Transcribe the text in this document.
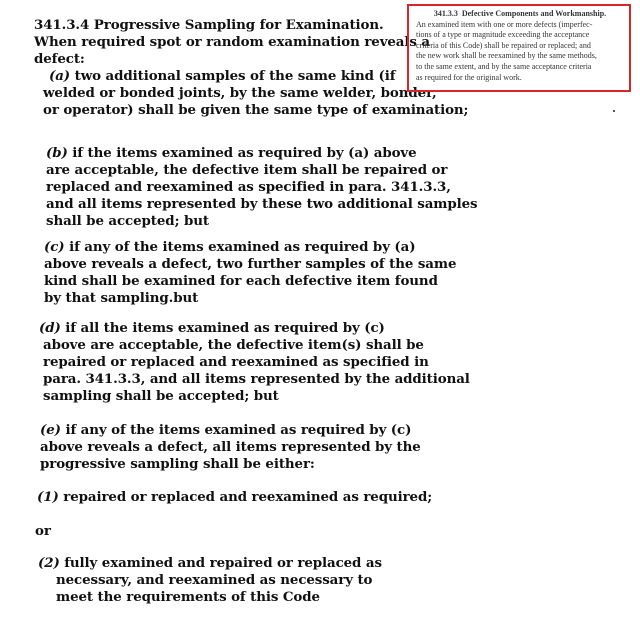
341.3.4 Progressive Sampling for Examination.
When required spot or random examination reveals a
defect:
(a) two additional samples of the same kind (if
welded or bonded joints, by the same welder, bonder,
or operator) shall be given the same type of examination;
(b) if the items examined as required by (a) above
are acceptable, the defective item shall be repaired or
replaced and reexamined as specified in para. 341.3.3,
and all items represented by these two additional samples
shall be accepted; but
(c) if any of the items examined as required by (a)
above reveals a defect, two further samples of the same
kind shall be examined for each defective item found
by that sampling.but
(d) if all the items examined as required by (c)
above are acceptable, the defective item(s) shall be
repaired or replaced and reexamined as specified in
para. 341.3.3, and all items represented by the additional
sampling shall be accepted; but
(e) if any of the items examined as required by (c)
above reveals a defect, all items represented by the
progressive sampling shall be either:
(1) repaired or replaced and reexamined as required;
or
(2) fully examined and repaired or replaced as
necessary, and reexamined as necessary to
meet the requirements of this Code
341.3.3  Defective Components and Workmanship.
An examined item with one or more defects (imperfec-
tions of a type or magnitude exceeding the acceptance
criteria of this Code) shall be repaired or replaced; and
the new work shall be reexamined by the same methods,
to the same extent, and by the same acceptance criteria
as required for the original work.
